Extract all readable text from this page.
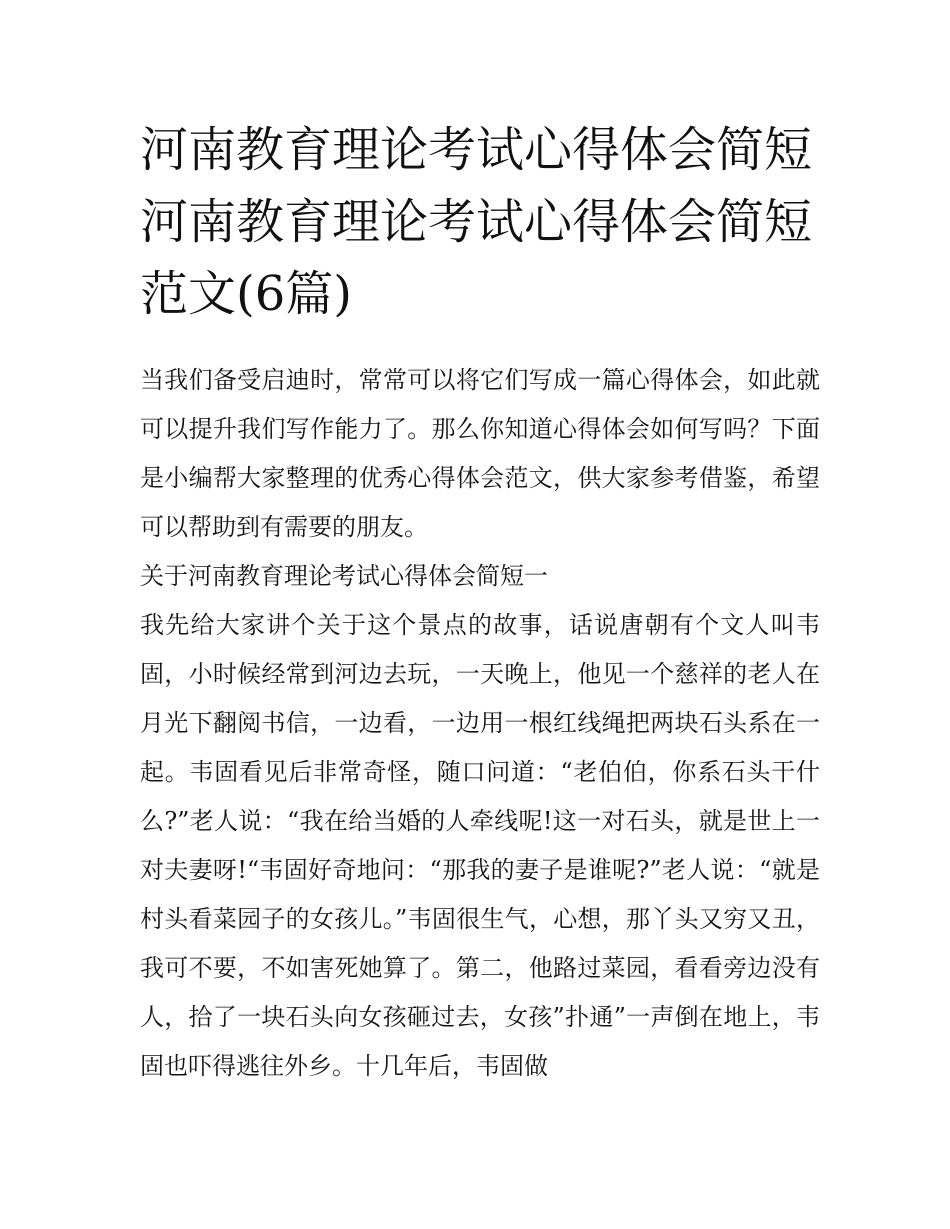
河南教育理论考试心得体会简短 河南教育理论考试心得体会简短范文(6篇)

当我们备受启迪时，常常可以将它们写成一篇心得体会，如此就可以提升我们写作能力了。那么你知道心得体会如何写吗？下面是小编帮大家整理的优秀心得体会范文，供大家参考借鉴，希望可以帮助到有需要的朋友。

关于河南教育理论考试心得体会简短一

我先给大家讲个关于这个景点的故事，话说唐朝有个文人叫韦固，小时候经常到河边去玩，一天晚上，他见一个慈祥的老人在月光下翻阅书信，一边看，一边用一根红线绳把两块石头系在一起。韦固看见后非常奇怪，随口问道：“老伯伯，你系石头干什么?”老人说：“我在给当婚的人牵线呢!这一对石头，就是世上一对夫妻呀!“韦固好奇地问：“那我的妻子是谁呢?”老人说：“就是村头看菜园子的女孩儿。”韦固很生气，心想，那丫头又穷又丑，我可不要，不如害死她算了。第二，他路过菜园，看看旁边没有人，拾了一块石头向女孩砸过去，女孩”扑通”一声倒在地上，韦固也吓得逃往外乡。十几年后，韦固做
